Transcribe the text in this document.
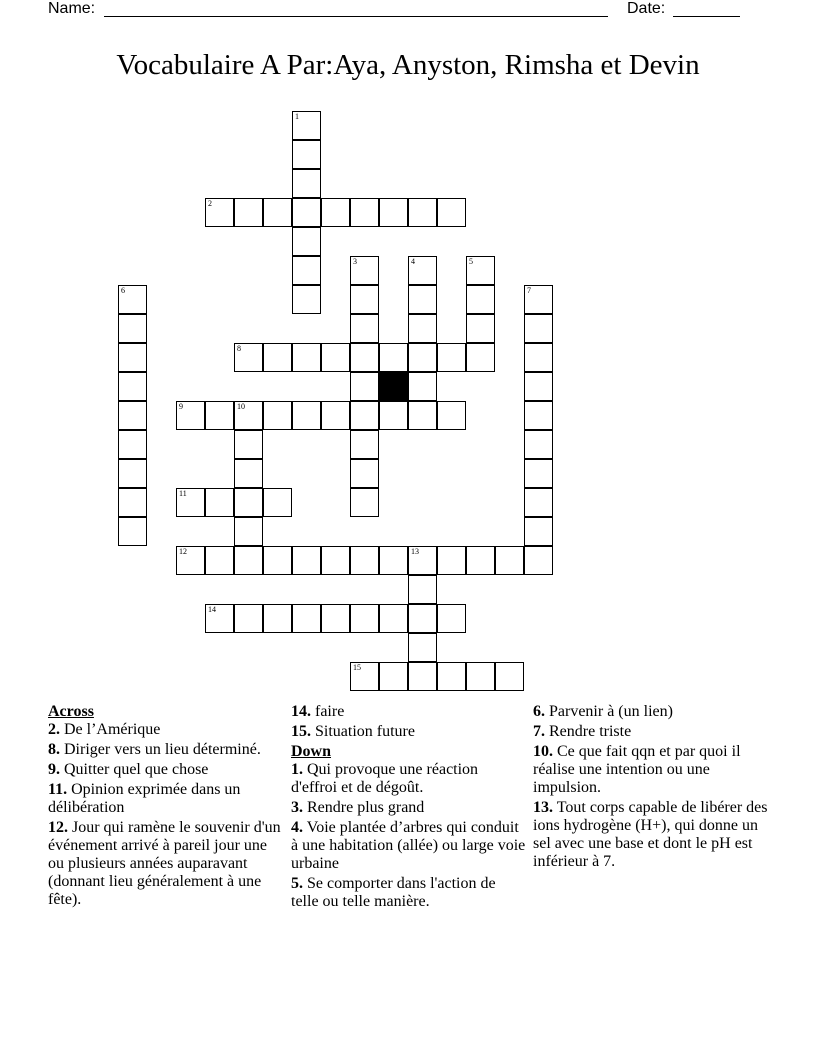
Name:	Date:
Vocabulaire A Par:Aya, Anyston, Rimsha et Devin
1
2
3	4	5
6	7
8
9	10
11
12	13
14
15
Across
2. De l’Amérique
8. Diriger vers un lieu déterminé.
9. Quitter quel que chose
11. Opinion exprimée dans un délibération
12. Jour qui ramène le souvenir d'un événement arrivé à pareil jour une ou plusieurs années auparavant (donnant lieu généralement à une fête).
14. faire
15. Situation future
Down
1. Qui provoque une réaction d'effroi et de dégoût.
3. Rendre plus grand
4. Voie plantée d’arbres qui conduit à une habitation (allée) ou large voie urbaine
5. Se comporter dans l'action de telle ou telle manière.
6. Parvenir à (un lien)
7. Rendre triste
10. Ce que fait qqn et par quoi il réalise une intention ou une impulsion.
13. Tout corps capable de libérer des ions hydrogène (H+), qui donne un sel avec une base et dont le pH est inférieur à 7.
